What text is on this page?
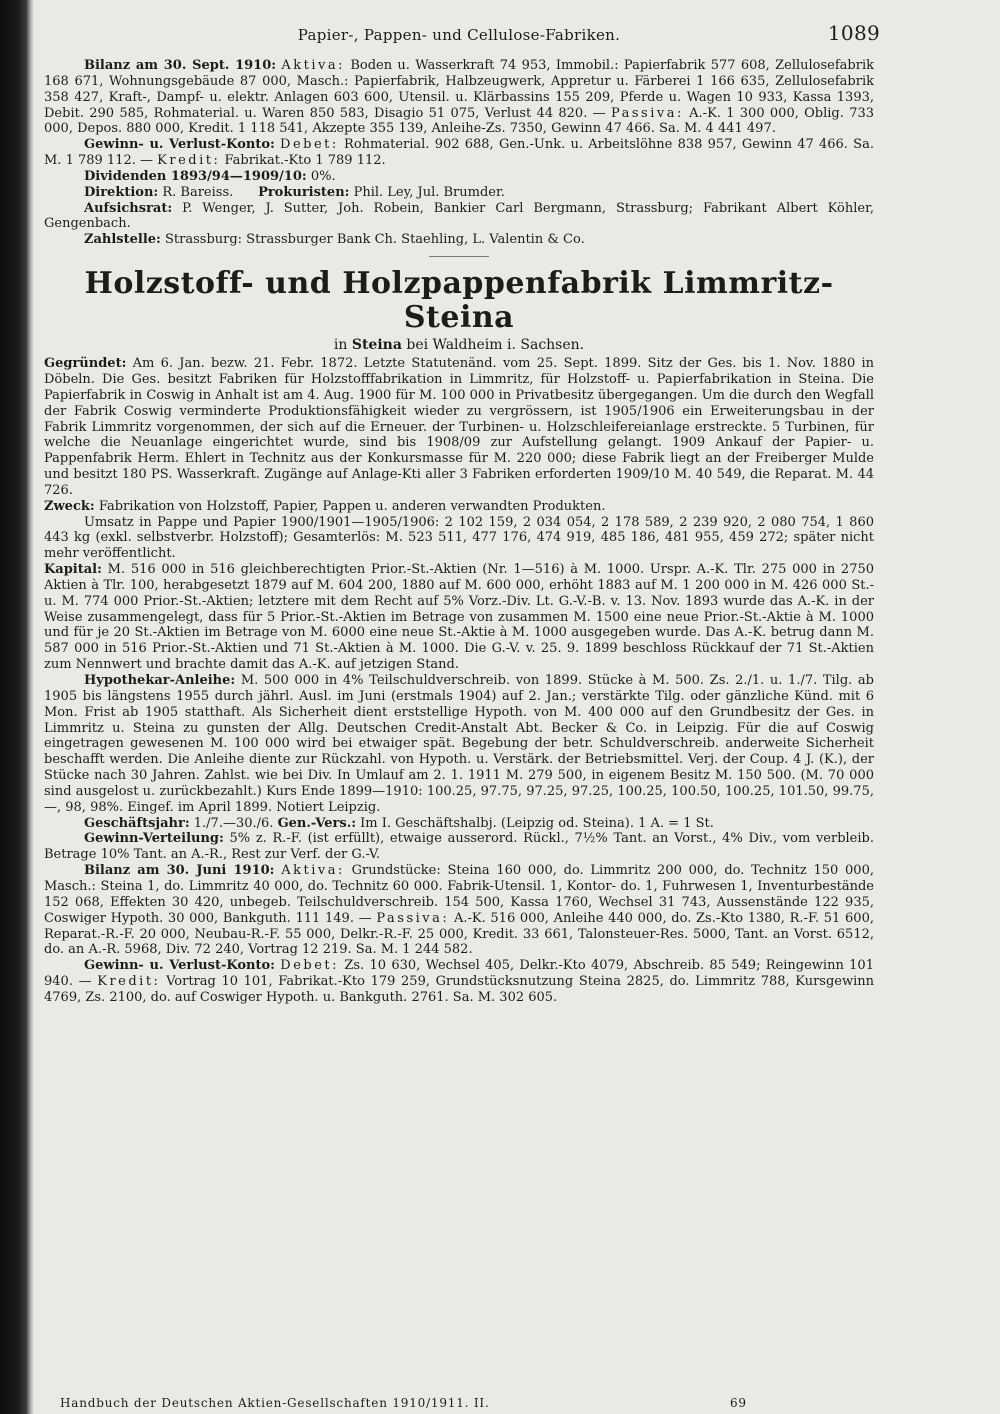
Papier-, Pappen- und Cellulose-Fabriken.	1089

Bilanz am 30. Sept. 1910: Aktiva: Boden u. Wasserkraft 74 953, Immobil.: Papierfabrik 577 608, Zellulosefabrik 168 671, Wohnungsgebäude 87 000, Masch.: Papierfabrik, Halbzeugwerk, Appretur u. Färberei 1 166 635, Zellulosefabrik 358 427, Kraft-, Dampf- u. elektr. Anlagen 603 600, Utensil. u. Klärbassins 155 209, Pferde u. Wagen 10 933, Kassa 1393, Debit. 290 585, Rohmaterial. u. Waren 850 583, Disagio 51 075, Verlust 44 820. — Passiva: A.-K. 1 300 000, Oblig. 733 000, Depos. 880 000, Kredit. 1 118 541, Akzepte 355 139, Anleihe-Zs. 7350, Gewinn 47 466. Sa. M. 4 441 497.

Gewinn- u. Verlust-Konto: Debet: Rohmaterial. 902 688, Gen.-Unk. u. Arbeitslöhne 838 957, Gewinn 47 466. Sa. M. 1 789 112. — Kredit: Fabrikat.-Kto 1 789 112.

Dividenden 1893/94—1909/10: 0%.

Direktion: R. Bareiss. Prokuristen: Phil. Ley, Jul. Brumder.

Aufsichsrat: P. Wenger, J. Sutter, Joh. Robein, Bankier Carl Bergmann, Strassburg; Fabrikant Albert Köhler, Gengenbach.

Zahlstelle: Strassburg: Strassburger Bank Ch. Staehling, L. Valentin & Co.

Holzstoff- und Holzpappenfabrik Limmritz-Steina
in Steina bei Waldheim i. Sachsen.

Gegründet: Am 6. Jan. bezw. 21. Febr. 1872. Letzte Statutenänd. vom 25. Sept. 1899. Sitz der Ges. bis 1. Nov. 1880 in Döbeln. Die Ges. besitzt Fabriken für Holzstofffabrikation in Limmritz, für Holzstoff- u. Papierfabrikation in Steina. Die Papierfabrik in Coswig in Anhalt ist am 4. Aug. 1900 für M. 100 000 in Privatbesitz übergegangen. Um die durch den Wegfall der Fabrik Coswig verminderte Produktionsfähigkeit wieder zu vergrössern, ist 1905/1906 ein Erweiterungsbau in der Fabrik Limmritz vorgenommen, der sich auf die Erneuer. der Turbinen- u. Holzschleifereianlage erstreckte. 5 Turbinen, für welche die Neuanlage eingerichtet wurde, sind bis 1908/09 zur Aufstellung gelangt. 1909 Ankauf der Papier- u. Pappenfabrik Herm. Ehlert in Technitz aus der Konkursmasse für M. 220 000; diese Fabrik liegt an der Freiberger Mulde und besitzt 180 PS. Wasserkraft. Zugänge auf Anlage-Kti aller 3 Fabriken erforderten 1909/10 M. 40 549, die Reparat. M. 44 726.

Zweck: Fabrikation von Holzstoff, Papier, Pappen u. anderen verwandten Produkten.

Umsatz in Pappe und Papier 1900/1901—1905/1906: 2 102 159, 2 034 054, 2 178 589, 2 239 920, 2 080 754, 1 860 443 kg (exkl. selbstverbr. Holzstoff); Gesamterlös: M. 523 511, 477 176, 474 919, 485 186, 481 955, 459 272; später nicht mehr veröffentlicht.

Kapital: M. 516 000 in 516 gleichberechtigten Prior.-St.-Aktien (Nr. 1—516) à M. 1000. Urspr. A.-K. Tlr. 275 000 in 2750 Aktien à Tlr. 100, herabgesetzt 1879 auf M. 604 200, 1880 auf M. 600 000, erhöht 1883 auf M. 1 200 000 in M. 426 000 St.- u. M. 774 000 Prior.-St.-Aktien; letztere mit dem Recht auf 5% Vorz.-Div. Lt. G.-V.-B. v. 13. Nov. 1893 wurde das A.-K. in der Weise zusammengelegt, dass für 5 Prior.-St.-Aktien im Betrage von zusammen M. 1500 eine neue Prior.-St.-Aktie à M. 1000 und für je 20 St.-Aktien im Betrage von M. 6000 eine neue St.-Aktie à M. 1000 ausgegeben wurde. Das A.-K. betrug dann M. 587 000 in 516 Prior.-St.-Aktien und 71 St.-Aktien à M. 1000. Die G.-V. v. 25. 9. 1899 beschloss Rückkauf der 71 St.-Aktien zum Nennwert und brachte damit das A.-K. auf jetzigen Stand.

Hypothekar-Anleihe: M. 500 000 in 4% Teilschuldverschreib. von 1899. Stücke à M. 500. Zs. 2./1. u. 1./7. Tilg. ab 1905 bis längstens 1955 durch jährl. Ausl. im Juni (erstmals 1904) auf 2. Jan.; verstärkte Tilg. oder gänzliche Künd. mit 6 Mon. Frist ab 1905 statthaft. Als Sicherheit dient erststellige Hypoth. von M. 400 000 auf den Grundbesitz der Ges. in Limmritz u. Steina zu gunsten der Allg. Deutschen Credit-Anstalt Abt. Becker & Co. in Leipzig. Für die auf Coswig eingetragen gewesenen M. 100 000 wird bei etwaiger spät. Begebung der betr. Schuldverschreib. anderweite Sicherheit beschafft werden. Die Anleihe diente zur Rückzahl. von Hypoth. u. Verstärk. der Betriebsmittel. Verj. der Coup. 4 J. (K.), der Stücke nach 30 Jahren. Zahlst. wie bei Div. In Umlauf am 2. 1. 1911 M. 279 500, in eigenem Besitz M. 150 500. (M. 70 000 sind ausgelost u. zurückbezahlt.) Kurs Ende 1899—1910: 100.25, 97.75, 97.25, 97.25, 100.25, 100.50, 100.25, 101.50, 99.75, —, 98, 98%. Eingef. im April 1899. Notiert Leipzig.

Geschäftsjahr: 1./7.—30./6. Gen.-Vers.: Im I. Geschäftshalbj. (Leipzig od. Steina). 1 A. = 1 St.

Gewinn-Verteilung: 5% z. R.-F. (ist erfüllt), etwaige ausserord. Rückl., 7½% Tant. an Vorst., 4% Div., vom verbleib. Betrage 10% Tant. an A.-R., Rest zur Verf. der G.-V.

Bilanz am 30. Juni 1910: Aktiva: Grundstücke: Steina 160 000, do. Limmritz 200 000, do. Technitz 150 000, Masch.: Steina 1, do. Limmritz 40 000, do. Technitz 60 000. Fabrik-Utensil. 1, Kontor- do. 1, Fuhrwesen 1, Inventurbestände 152 068, Effekten 30 420, unbegeb. Teilschuldverschreib. 154 500, Kassa 1760, Wechsel 31 743, Aussenstände 122 935, Coswiger Hypoth. 30 000, Bankguth. 111 149. — Passiva: A.-K. 516 000, Anleihe 440 000, do. Zs.-Kto 1380, R.-F. 51 600, Reparat.-R.-F. 20 000, Neubau-R.-F. 55 000, Delkr.-R.-F. 25 000, Kredit. 33 661, Talonsteuer-Res. 5000, Tant. an Vorst. 6512, do. an A.-R. 5968, Div. 72 240, Vortrag 12 219. Sa. M. 1 244 582.

Gewinn- u. Verlust-Konto: Debet: Zs. 10 630, Wechsel 405, Delkr.-Kto 4079, Abschreib. 85 549; Reingewinn 101 940. — Kredit: Vortrag 10 101, Fabrikat.-Kto 179 259, Grundstücksnutzung Steina 2825, do. Limmritz 788, Kursgewinn 4769, Zs. 2100, do. auf Coswiger Hypoth. u. Bankguth. 2761. Sa. M. 302 605.

Handbuch der Deutschen Aktien-Gesellschaften 1910/1911. II.	69
